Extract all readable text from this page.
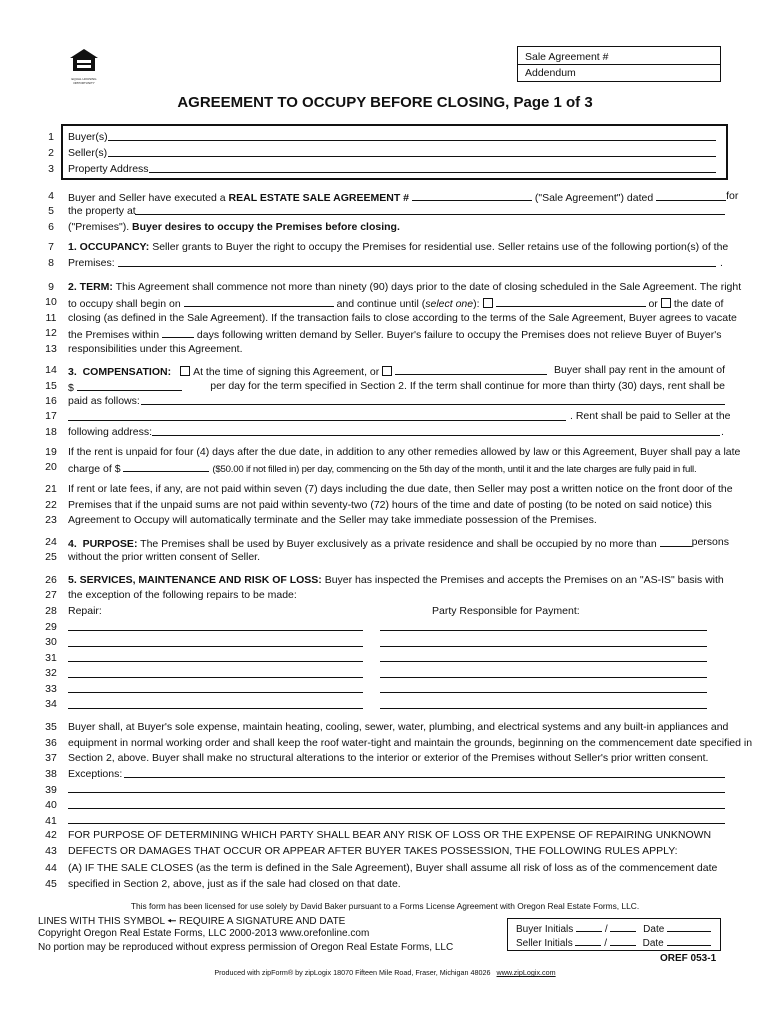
EQUAL HOUSING OPPORTUNITY
Sale Agreement #
Addendum
AGREEMENT TO OCCUPY BEFORE CLOSING, Page 1 of 3
1
2
3
4
5
6
7
8
9
10
11
12
13
14
15
16
17
18
19
20
21
22
23
24
25
26
27
28
29
30
31
32
33
34
35
36
37
38
39
40
41
42
43
44
45
Buyer(s)
Seller(s)
Property Address
Buyer and Seller have executed a REAL ESTATE SALE AGREEMENT #	("Sale Agreement") dated	for
the property at
("Premises"). Buyer desires to occupy the Premises before closing.
1. OCCUPANCY: Seller grants to Buyer the right to occupy the Premises for residential use. Seller retains use of the following portion(s) of the
Premises:	.
2. TERM: This Agreement shall commence not more than ninety (90) days prior to the date of closing scheduled in the Sale Agreement. The right
to occupy shall begin on	and continue until (select one):	or the date of
closing (as defined in the Sale Agreement). If the transaction fails to close according to the terms of the Sale Agreement, Buyer agrees to vacate
the Premises within	days following written demand by Seller. Buyer's failure to occupy the Premises does not relieve Buyer of Buyer's
responsibilities under this Agreement.
3.  COMPENSATION: At the time of signing this Agreement, or	Buyer shall pay rent in the amount of
$	per day for the term specified in Section 2. If the term shall continue for more than thirty (30) days, rent shall be
paid as follows:
. Rent shall be paid to Seller at the
following address:	.
If the rent is unpaid for four (4) days after the due date, in addition to any other remedies allowed by law or this Agreement, Buyer shall pay a late
charge of $	($50.00 if not filled in) per day, commencing on the 5th day of the month, until it and the late charges are fully paid in full.
If rent or late fees, if any, are not paid within seven (7) days including the due date, then Seller may post a written notice on the front door of the
Premises that if the unpaid sums are not paid within seventy-two (72) hours of the time and date of posting (to be noted on said notice) this
Agreement to Occupy will automatically terminate and the Seller may take immediate possession of the Premises.
4.  PURPOSE: The Premises shall be used by Buyer exclusively as a private residence and shall be occupied by no more than	persons
without the prior written consent of Seller.
5. SERVICES, MAINTENANCE AND RISK OF LOSS: Buyer has inspected the Premises and accepts the Premises on an "AS-IS" basis with
the exception of the following repairs to be made:
Repair:	Party Responsible for Payment:
Buyer shall, at Buyer's sole expense, maintain heating, cooling, sewer, water, plumbing, and electrical systems and any built-in appliances and
equipment in normal working order and shall keep the roof water-tight and maintain the grounds, beginning on the commencement date specified in
Section 2, above. Buyer shall make no structural alterations to the interior or exterior of the Premises without Seller's prior written consent.
Exceptions:
FOR PURPOSE OF DETERMINING WHICH PARTY SHALL BEAR ANY RISK OF LOSS OR THE EXPENSE OF REPAIRING UNKNOWN
DEFECTS OR DAMAGES THAT OCCUR OR APPEAR AFTER BUYER TAKES POSSESSION, THE FOLLOWING RULES APPLY:
(A) IF THE SALE CLOSES (as the term is defined in the Sale Agreement), Buyer shall assume all risk of loss as of the commencement date
specified in Section 2, above, just as if the sale had closed on that date.
This form has been licensed for use solely by David Baker pursuant to a Forms License Agreement with Oregon Real Estate Forms, LLC.
LINES WITH THIS SYMBOL 🠔 REQUIRE A SIGNATURE AND DATE
Copyright Oregon Real Estate Forms, LLC 2000-2013 www.orefonline.com
No portion may be reproduced without express permission of Oregon Real Estate Forms, LLC
Buyer Initials	/	Date
Seller Initials	/	Date
OREF 053-1
Produced with zipForm® by zipLogix 18070 Fifteen Mile Road, Fraser, Michigan 48026 www.zipLogix.com
